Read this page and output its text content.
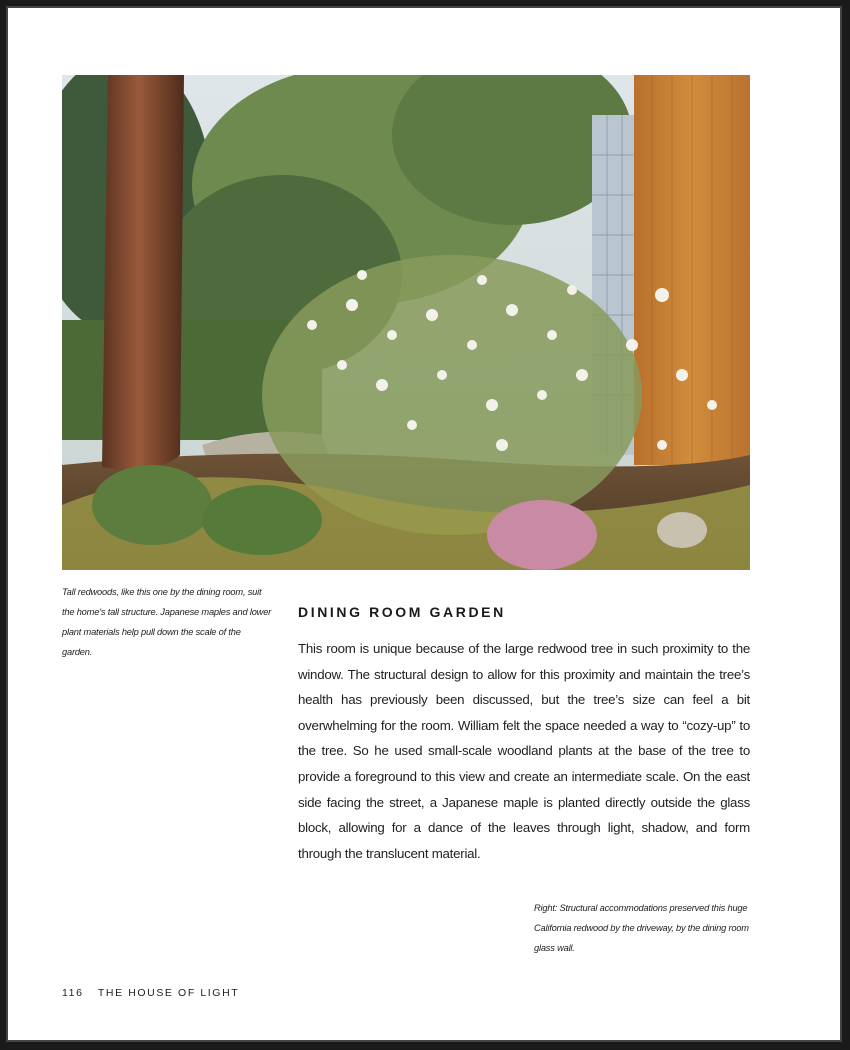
Tall redwoods, like this one by the dining room, suit the home’s tall structure. Japanese maples and lower plant materials help pull down the scale of the garden.
DINING ROOM GARDEN
This room is unique because of the large redwood tree in such proximity to the window. The structural design to allow for this proximity and maintain the tree’s health has previously been discussed, but the tree’s size can feel a bit overwhelming for the room. William felt the space needed a way to “cozy-up” to the tree. So he used small-scale woodland plants at the base of the tree to provide a foreground to this view and create an intermediate scale. On the east side facing the street, a Japanese maple is planted directly outside the glass block, allowing for a dance of the leaves through light, shadow, and form through the translucent material.
Right: Structural accommodations preserved this huge California redwood by the driveway, by the dining room glass wall.
116 THE HOUSE OF LIGHT
